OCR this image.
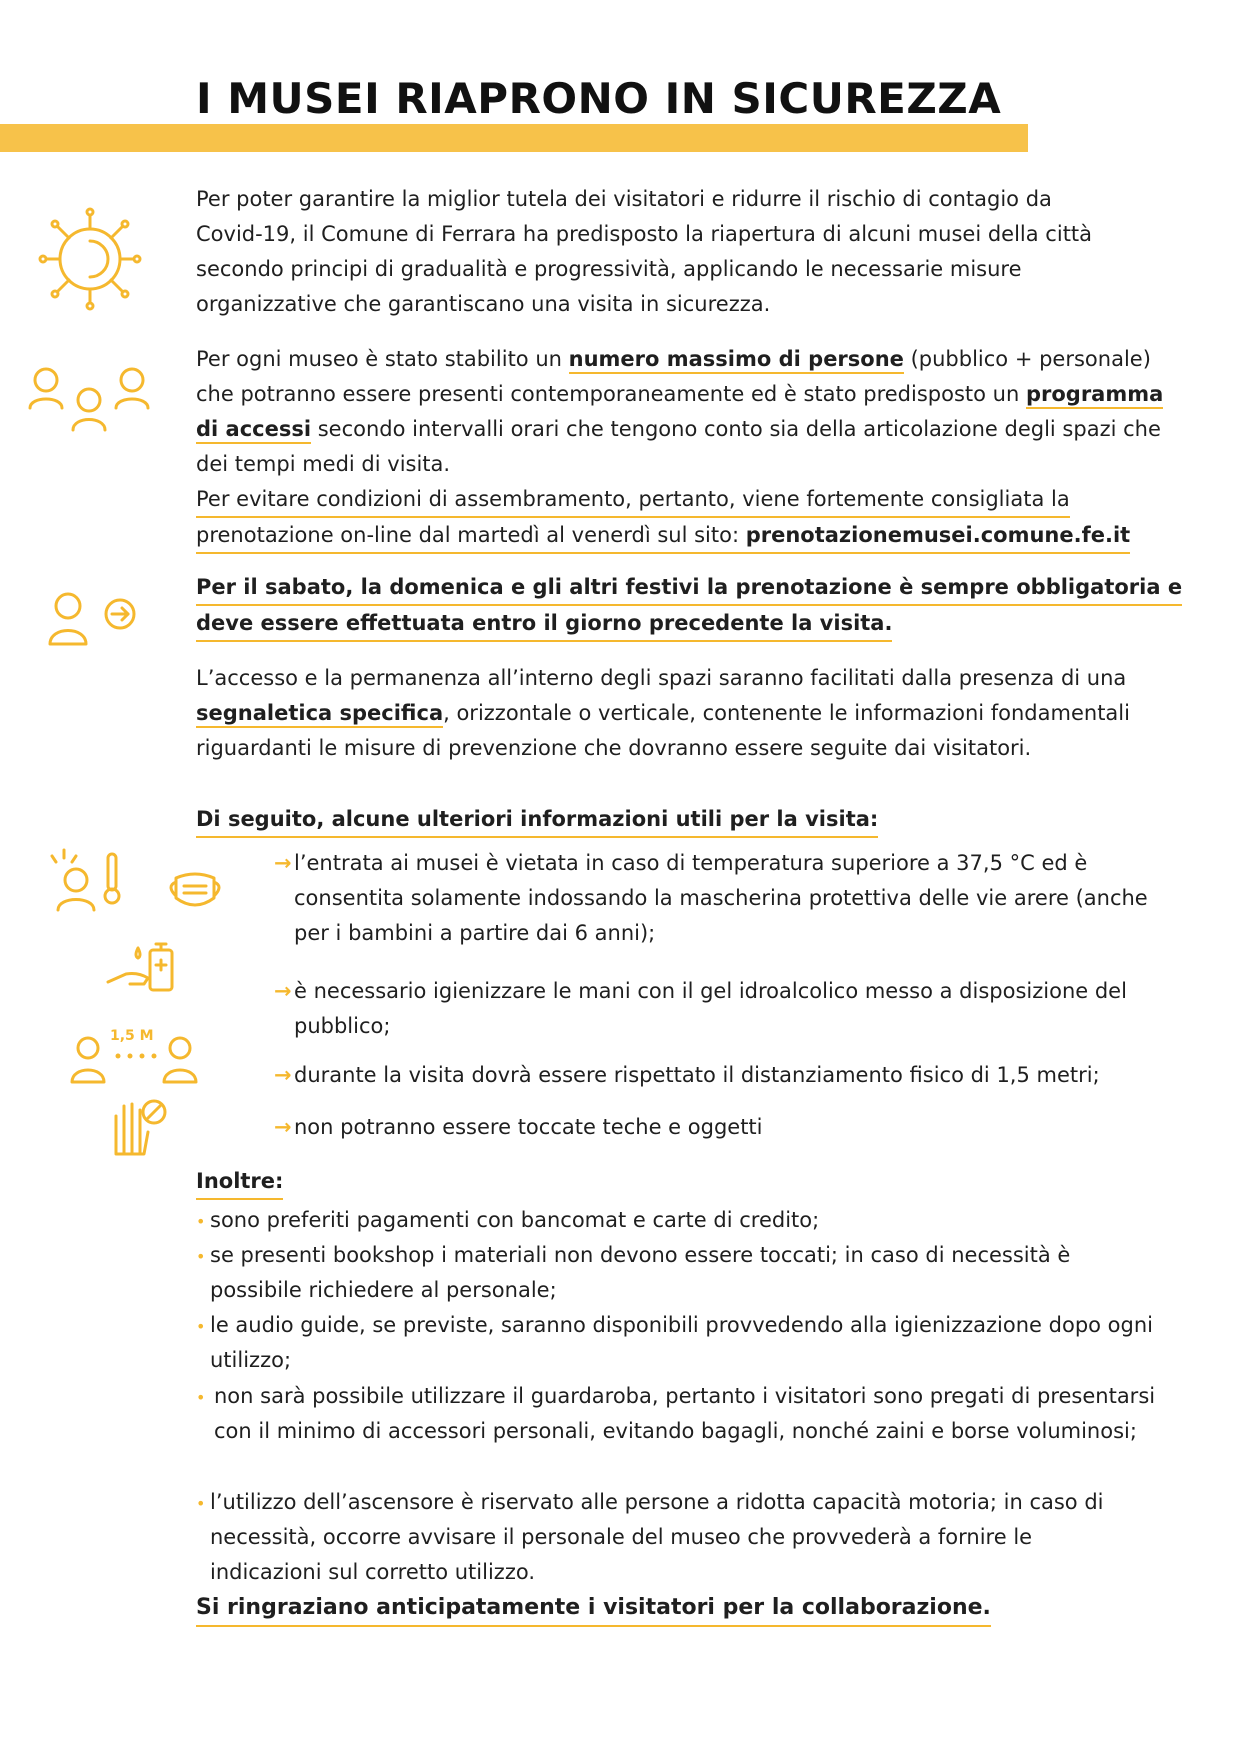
I MUSEI RIAPRONO IN SICUREZZA
1,5 M

Per poter garantire la miglior tutela dei visitatori e ridurre il rischio di contagio da Covid-19, il Comune di Ferrara ha predisposto la riapertura di alcuni musei della città secondo principi di gradualità e progressività, applicando le necessarie misure organizzative che garantiscano una visita in sicurezza.

Per ogni museo è stato stabilito un numero massimo di persone (pubblico + personale) che potranno essere presenti contemporaneamente ed è stato predisposto un programma di accessi secondo intervalli orari che tengono conto sia della articolazione degli spazi che dei tempi medi di visita.

Per evitare condizioni di assembramento, pertanto, viene fortemente consigliata la
prenotazione on-line dal martedì al venerdì sul sito: prenotazionemusei.comune.fe.it
Per il sabato, la domenica e gli altri festivi la prenotazione è sempre obbligatoria e
deve essere effettuata entro il giorno precedente la visita.

L’accesso e la permanenza all’interno degli spazi saranno facilitati dalla presenza di una segnaletica specifica, orizzontale o verticale, contenente le informazioni fondamentali riguardanti le misure di prevenzione che dovranno essere seguite dai visitatori.

Di seguito, alcune ulteriori informazioni utili per la visita:
→ l’entrata ai musei è vietata in caso di temperatura superiore a 37,5 °C ed è consentita solamente indossando la mascherina protettiva delle vie arere (anche per i bambini a partire dai 6 anni);
→ è necessario igienizzare le mani con il gel idroalcolico messo a disposizione del pubblico;
→ durante la visita dovrà essere rispettato il distanziamento fisico di 1,5 metri;
→ non potranno essere toccate teche e oggetti
Inoltre:
• sono preferiti pagamenti con bancomat e carte di credito;
• se presenti bookshop i materiali non devono essere toccati; in caso di necessità è possibile richiedere al personale;
• le audio guide, se previste, saranno disponibili provvedendo alla igienizzazione dopo ogni utilizzo;
• non sarà possibile utilizzare il guardaroba, pertanto i visitatori sono pregati di presentarsi con il minimo di accessori personali, evitando bagagli, nonché zaini e borse voluminosi;
• l’utilizzo dell’ascensore è riservato alle persone a ridotta capacità motoria; in caso di necessità, occorre avvisare il personale del museo che provvederà a fornire le indicazioni sul corretto utilizzo.
Si ringraziano anticipatamente i visitatori per la collaborazione.
